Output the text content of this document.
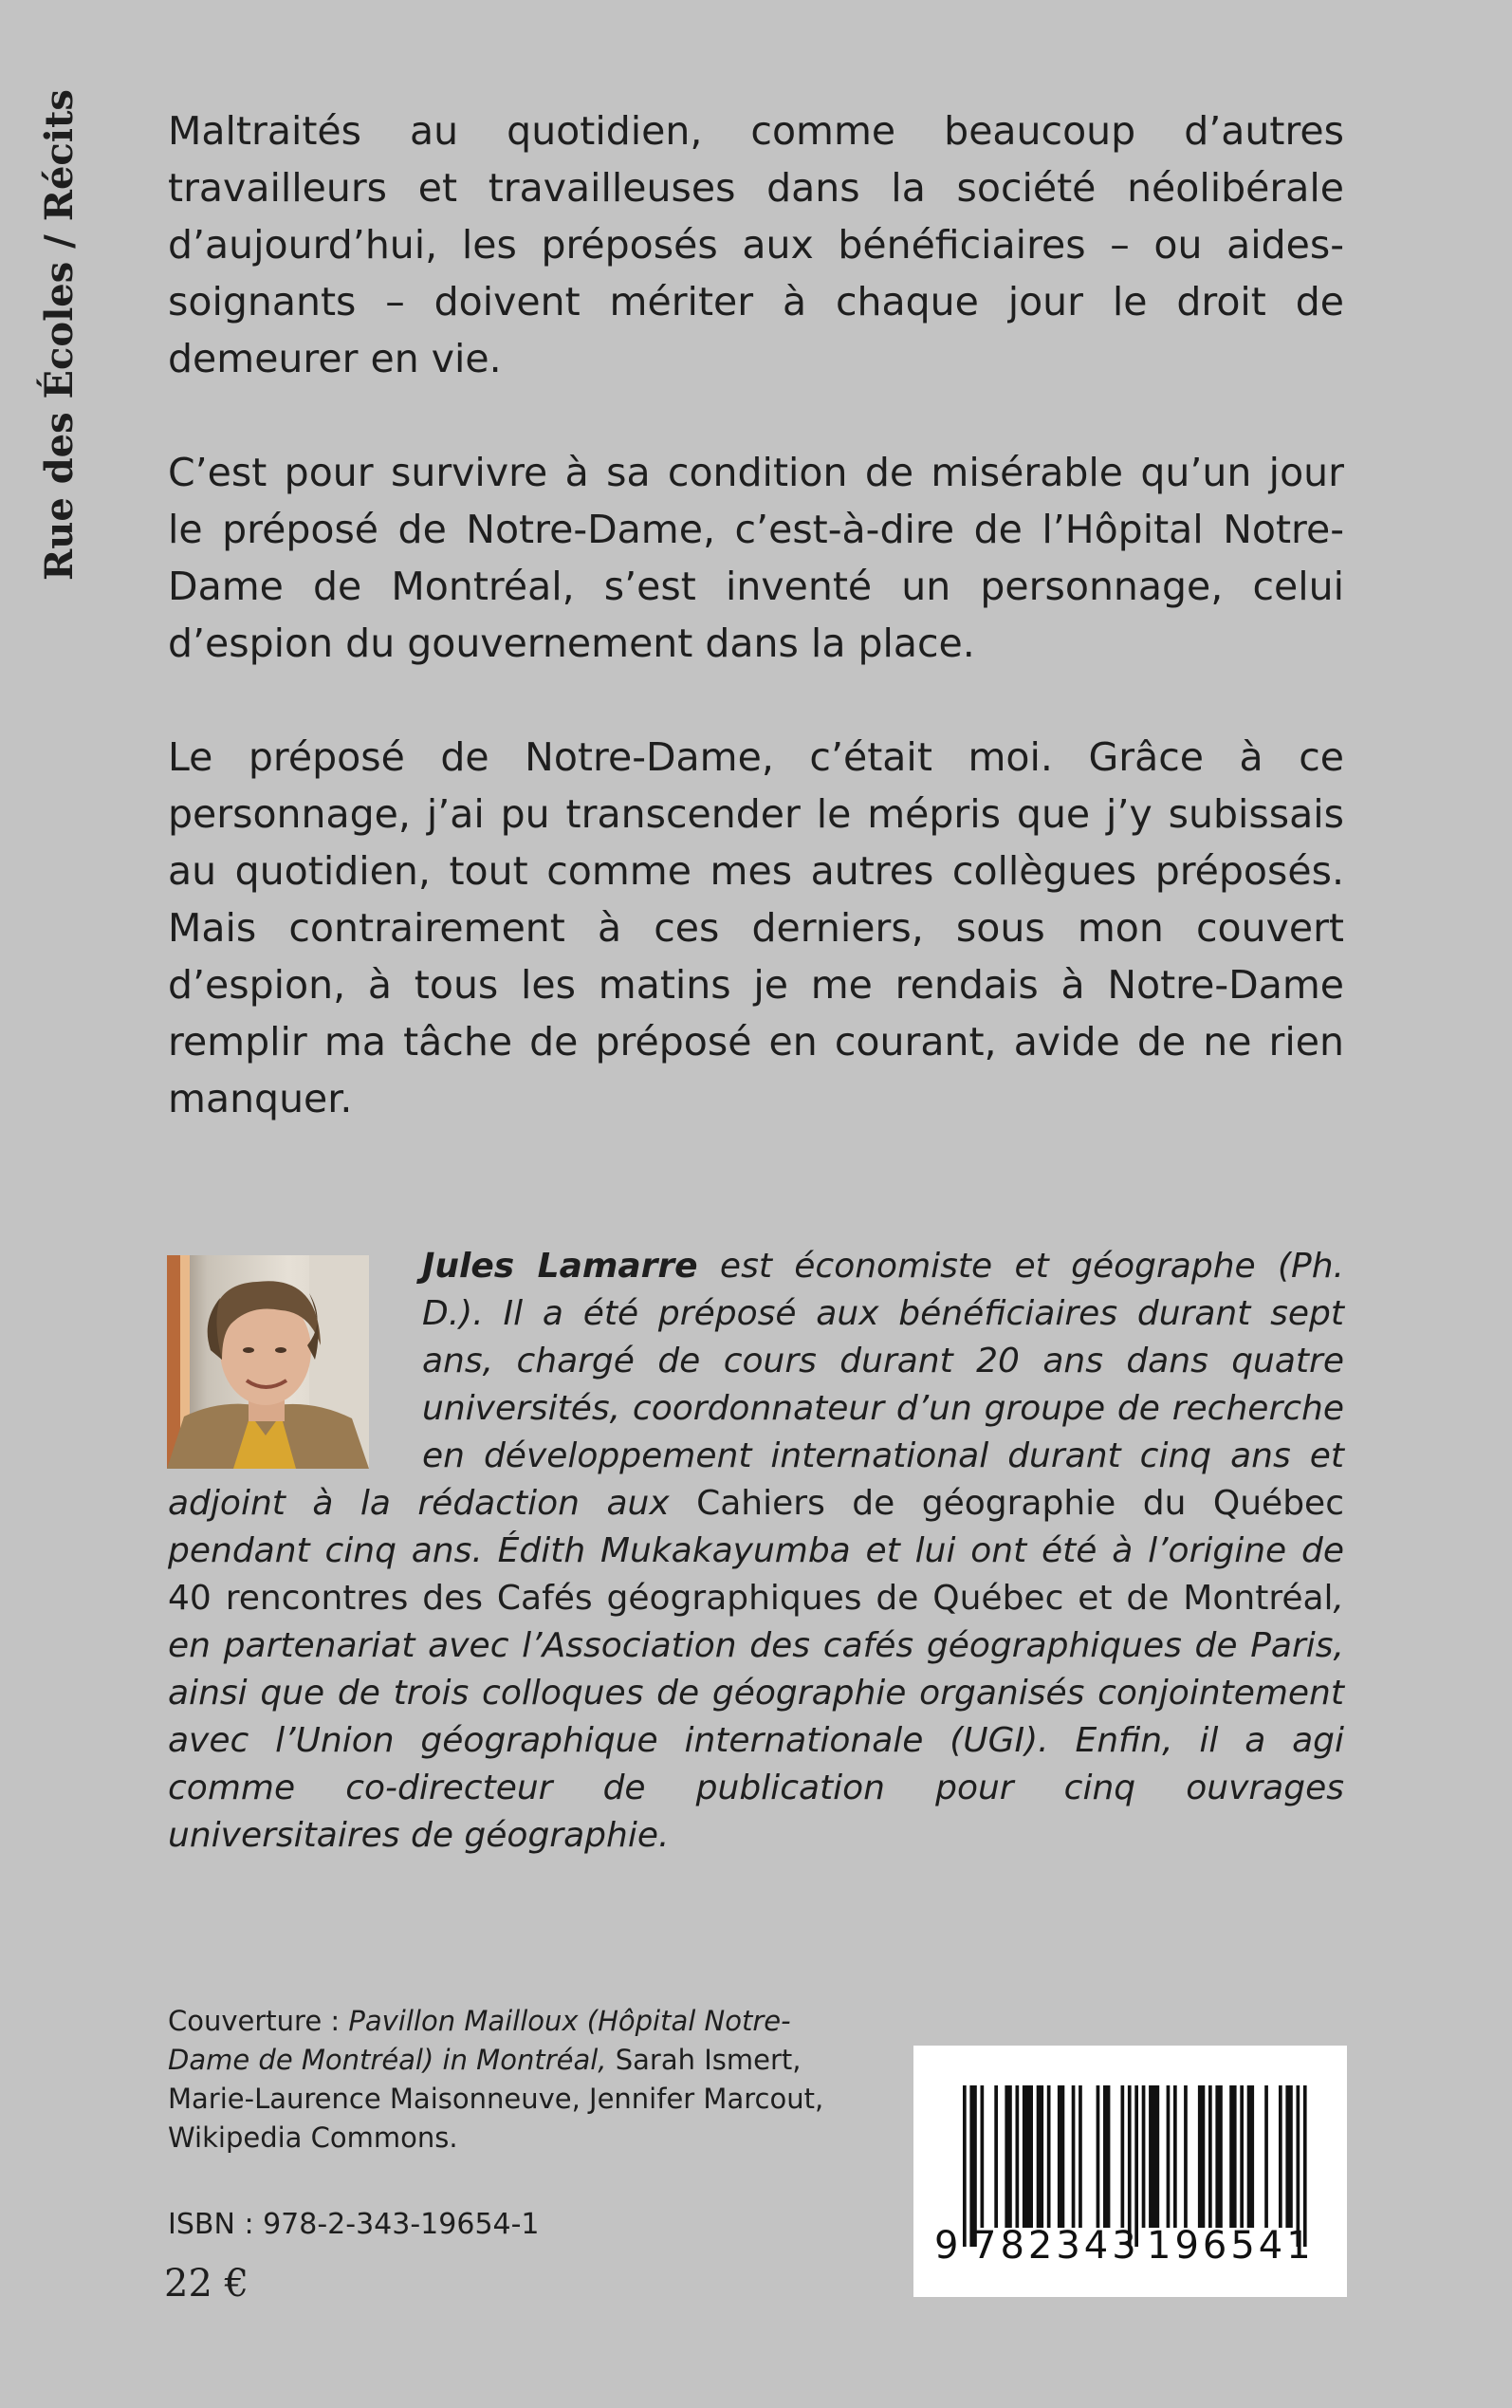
Rue des Écoles / Récits Maltraités au quotidien, comme beaucoup d’autres travailleurs et travailleuses dans la société néolibérale d’aujourd’hui, les préposés aux bénéficiaires – ou aides-soignants – doivent mériter à chaque jour le droit de demeurer en vie.

C’est pour survivre à sa condition de misérable qu’un jour le préposé de Notre-Dame, c’est-à-dire de l’Hôpital Notre-Dame de Montréal, s’est inventé un personnage, celui d’espion du gouvernement dans la place.

Le préposé de Notre-Dame, c’était moi. Grâce à ce personnage, j’ai pu transcender le mépris que j’y subissais au quotidien, tout comme mes autres collègues préposés. Mais contrairement à ces derniers, sous mon couvert d’espion, à tous les matins je me rendais à Notre-Dame remplir ma tâche de préposé en courant, avide de ne rien manquer.

Jules Lamarre est économiste et géographe (Ph. D.). Il a été préposé aux bénéficiaires durant sept ans, chargé de cours durant 20 ans dans quatre universités, coordonnateur d’un groupe de recherche en développement international durant cinq ans et adjoint à la rédaction aux Cahiers de géographie du Québec pendant cinq ans. Édith Mukakayumba et lui ont été à l’origine de 40 rencontres des Cafés géographiques de Québec et de Montréal, en partenariat avec l’Association des cafés géographiques de Paris, ainsi que de trois colloques de géographie organisés conjointement avec l’Union géographique internationale (UGI). Enfin, il a agi comme co-directeur de publication pour cinq ouvrages universitaires de géographie.

Couverture : Pavillon Mailloux (Hôpital Notre-Dame de Montréal) in Montréal, Sarah Ismert, Marie-Laurence Maisonneuve, Jennifer Marcout, Wikipedia Commons.

ISBN : 978-2-343-19654-1
22 €
9 782343 196541
